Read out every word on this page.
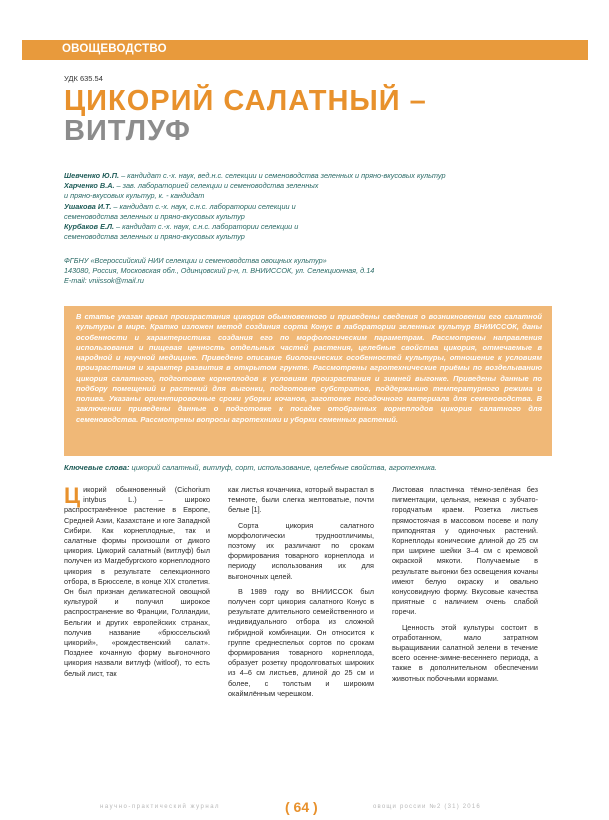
ОВОЩЕВОДСТВО
УДК 635.54
ЦИКОРИЙ САЛАТНЫЙ –
ВИТЛУФ

Шевченко Ю.П. – кандидат с.-х. наук, вед.н.с. селекции и семеноводства зеленных и пряно-вкусовых культур

Харченко В.А. – зав. лабораторией селекции и семеноводства зеленных

и пряно-вкусовых культур, к. - кандидат

Ушакова И.Т. – кандидат с.-х. наук, с.н.с. лаборатории селекции и

семеноводства зеленных и пряно-вкусовых культур

Курбаков Е.Л. – кандидат с.-х. наук, с.н.с. лаборатории селекции и

семеноводства зеленных и пряно-вкусовых культур

ФГБНУ «Всероссийский НИИ селекции и семеноводства овощных культур»

143080, Россия, Московская обл., Одинцовский р-н, п. ВНИИССОК, ул. Селекционная, д.14

E-mail: vniissok@mail.ru

В статье указан ареал произрастания цикория обыкновенного и приведены сведения о возникновении его салатной культуры в мире. Кратко изложен метод создания сорта Конус в лаборатории зеленных культур ВНИИССОК, даны особенности и характеристика создания его по морфологическим параметрам. Рассмотрены направления использования и пищевая ценность отдельных частей растения, целебные свойства цикория, отмечаемые в народной и научной медицине. Приведено описание биологических особенностей культуры, отношение к условиям произрастания и характер развития в открытом грунте. Рассмотрены агротехнические приёмы по возделыванию цикория салатного, подготовке корнеплодов к условиям произрастания и зимней выгонке. Приведены данные по подбору помещений и растений для выгонки, подготовке субстратов, поддержанию температурного режима и полива. Указаны ориентировочные сроки уборки кочанов, заготовке посадочного материала для семеноводства. В заключении приведены данные о подготовке к посадке отобранных корнеплодов цикория салатного для семеноводства. Рассмотрены вопросы агротехники и уборки семенных растений.

Ключевые слова: цикорий салатный, витлуф, сорт, использование, целебные свойства, агротехника.

Цикорий обыкновенный (Cichorium intybus L.) – широко распространённое растение в Европе, Средней Азии, Казахстане и юге Западной Сибири. Как корнеплодные, так и салатные формы произошли от дикого цикория. Цикорий салатный (витлуф) был получен из Магдебургского корнеплодного цикория в результате селекционного отбора, в Брюсселе, в конце XIX столетия. Он был признан деликатесной овощной культурой и получил широкое распространение во Франции, Голландии, Бельгии и других европейских странах, получив название «брюссельский цикорий», «рождественский салат». Позднее кочанную форму выгоночного цикория назвали витлуф (witloof), то есть белый лист, так

как листья кочанчика, который вырастал в темноте, были слегка желтоватые, почти белые [1].

Сорта цикория салатного морфологически трудноотличимы, поэтому их различают по срокам формирования товарного корнеплода и периоду использования их для выгоночных целей.

В 1989 году во ВНИИССОК был получен сорт цикория салатного Конус в результате длительного семейственного и индивидуального отбора из сложной гибридной комбинации. Он относится к группе среднеспелых сортов по срокам формирования товарного корнеплода, образует розетку продолговатых широких из 4–6 см листьев, длиной до 25 см и более, с толстым и широким окаймлённым черешком.

Листовая пластинка тёмно-зелёная без пигментации, цельная, нежная с зубчато-городчатым краем. Розетка листьев прямостоячая в массовом посеве и полу приподнятая у одиночных растений. Корнеплоды конические длиной до 25 см при ширине шейки 3–4 см с кремовой окраской мякоти. Получаемые в результате выгонки без освещения кочаны имеют белую окраску и овально конусовидную форму. Вкусовые качества приятные с наличием очень слабой горечи.

Ценность этой культуры состоит в отработанном, мало затратном выращивании салатной зелени в течение всего осенне-зимне-весеннего периода, а также в дополнительном обеспечении животных побочными кормами.

научно-практический журнал	( 64 )	овощи россии №2 (31) 2016
